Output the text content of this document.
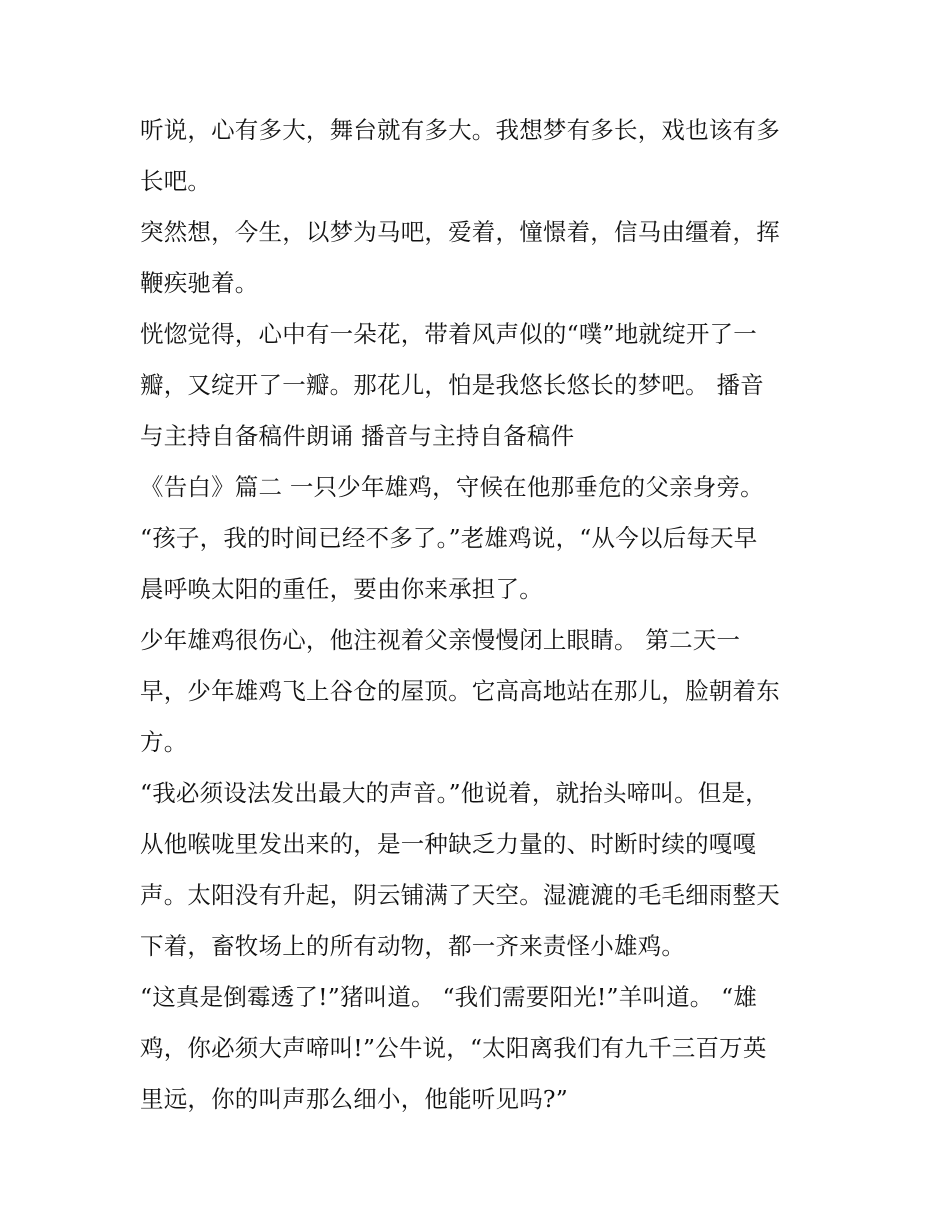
听说，心有多大，舞台就有多大。我想梦有多长，戏也该有多
长吧。
突然想，今生，以梦为马吧，爱着，憧憬着，信马由缰着，挥
鞭疾驰着。
恍惚觉得，心中有一朵花，带着风声似的“噗”地就绽开了一
瓣，又绽开了一瓣。那花儿，怕是我悠长悠长的梦吧。 播音
与主持自备稿件朗诵 播音与主持自备稿件
《告白》篇二 一只少年雄鸡，守候在他那垂危的父亲身旁。
“孩子，我的时间已经不多了。”老雄鸡说，“从今以后每天早
晨呼唤太阳的重任，要由你来承担了。
少年雄鸡很伤心，他注视着父亲慢慢闭上眼睛。 第二天一
早，少年雄鸡飞上谷仓的屋顶。它高高地站在那儿，脸朝着东
方。
“我必须设法发出最大的声音。”他说着，就抬头啼叫。但是，
从他喉咙里发出来的，是一种缺乏力量的、时断时续的嘎嘎
声。太阳没有升起，阴云铺满了天空。湿漉漉的毛毛细雨整天
下着，畜牧场上的所有动物，都一齐来责怪小雄鸡。
“这真是倒霉透了!”猪叫道。 “我们需要阳光!”羊叫道。 “雄
鸡，你必须大声啼叫!”公牛说，“太阳离我们有九千三百万英
里远，你的叫声那么细小，他能听见吗?”
